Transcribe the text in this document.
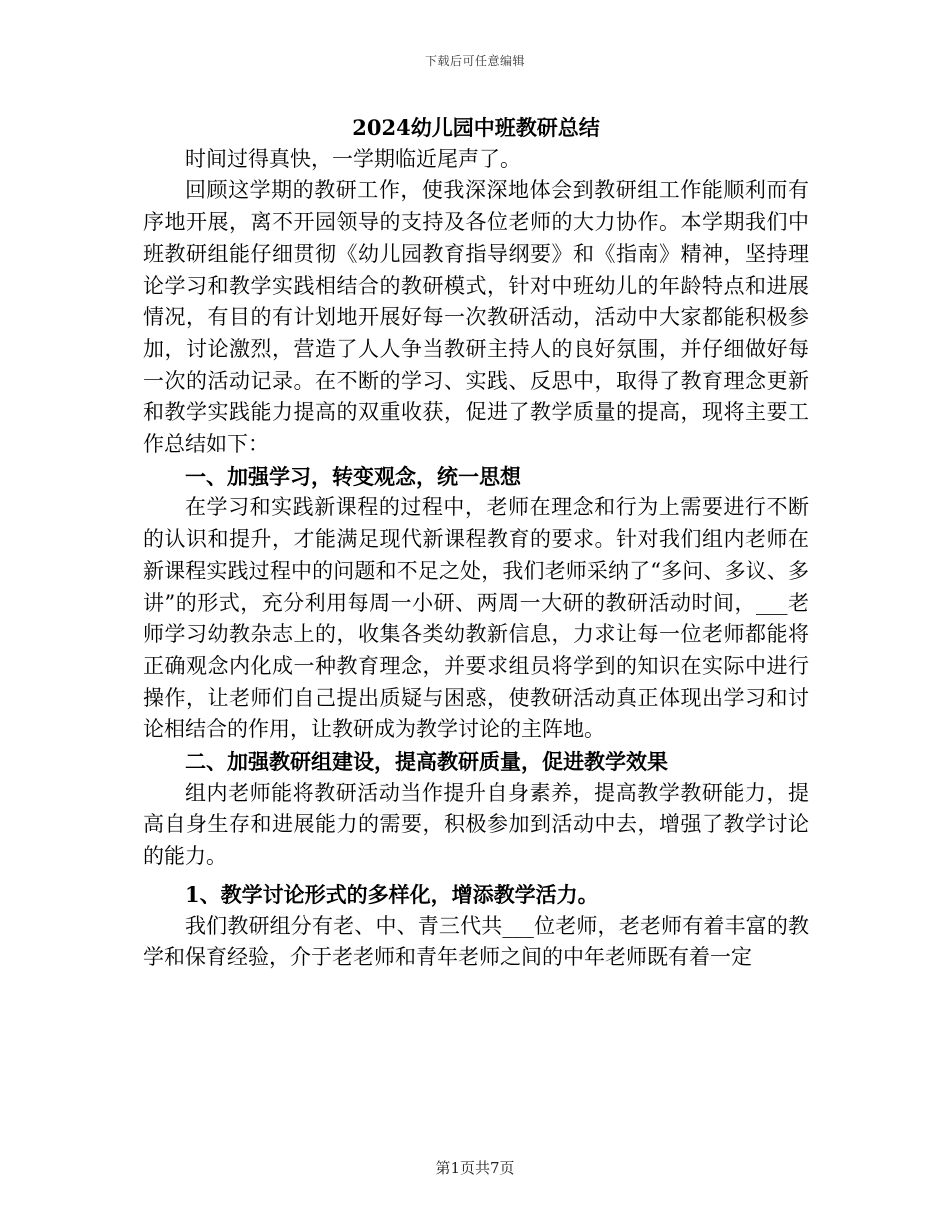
下载后可任意编辑
2024幼儿园中班教研总结

时间过得真快，一学期临近尾声了。

回顾这学期的教研工作，使我深深地体会到教研组工作能顺利而有序地开展，离不开园领导的支持及各位老师的大力协作。本学期我们中班教研组能仔细贯彻《幼儿园教育指导纲要》和《指南》精神，坚持理论学习和教学实践相结合的教研模式，针对中班幼儿的年龄特点和进展情况，有目的有计划地开展好每一次教研活动，活动中大家都能积极参加，讨论激烈，营造了人人争当教研主持人的良好氛围，并仔细做好每一次的活动记录。在不断的学习、实践、反思中，取得了教育理念更新和教学实践能力提高的双重收获，促进了教学质量的提高，现将主要工作总结如下：

一、加强学习，转变观念，统一思想

在学习和实践新课程的过程中，老师在理念和行为上需要进行不断的认识和提升，才能满足现代新课程教育的要求。针对我们组内老师在新课程实践过程中的问题和不足之处，我们老师采纳了“多问、多议、多讲”的形式，充分利用每周一小研、两周一大研的教研活动时间，___老师学习幼教杂志上的，收集各类幼教新信息，力求让每一位老师都能将正确观念内化成一种教育理念，并要求组员将学到的知识在实际中进行操作，让老师们自己提出质疑与困惑，使教研活动真正体现出学习和讨论相结合的作用，让教研成为教学讨论的主阵地。

二、加强教研组建设，提高教研质量，促进教学效果

组内老师能将教研活动当作提升自身素养，提高教学教研能力，提高自身生存和进展能力的需要，积极参加到活动中去，增强了教学讨论的能力。

1、教学讨论形式的多样化，增添教学活力。

我们教研组分有老、中、青三代共___位老师，老老师有着丰富的教学和保育经验，介于老老师和青年老师之间的中年老师既有着一定

第1页共7页
